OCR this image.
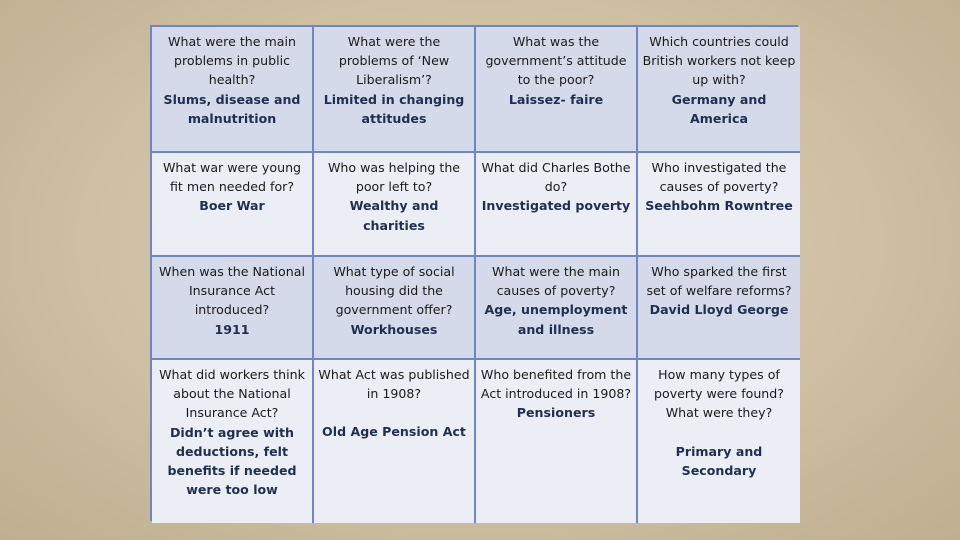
What were the main problems in public health?
Slums, disease and malnutrition
What were the problems of ‘New Liberalism’?
Limited in changing attitudes
What was the government’s attitude to the poor?
Laissez- faire
Which countries could British workers not keep up with?
Germany and America
What war were young fit men needed for?
Boer War
Who was helping the poor left to?
Wealthy and charities
What did Charles Bothe do?
Investigated poverty
Who investigated the causes of poverty?
Seehbohm Rowntree
When was the National Insurance Act introduced?
1911
What type of social housing did the government offer?
Workhouses
What were the main causes of poverty?
Age, unemployment and illness
Who sparked the first set of welfare reforms?
David Lloyd George
What did workers think about the National Insurance Act?
Didn’t agree with deductions, felt benefits if needed were too low
What Act was published in 1908?
Old Age Pension Act
Who benefited from the Act introduced in 1908?
Pensioners
How many types of poverty were found? What were they?
Primary and Secondary
